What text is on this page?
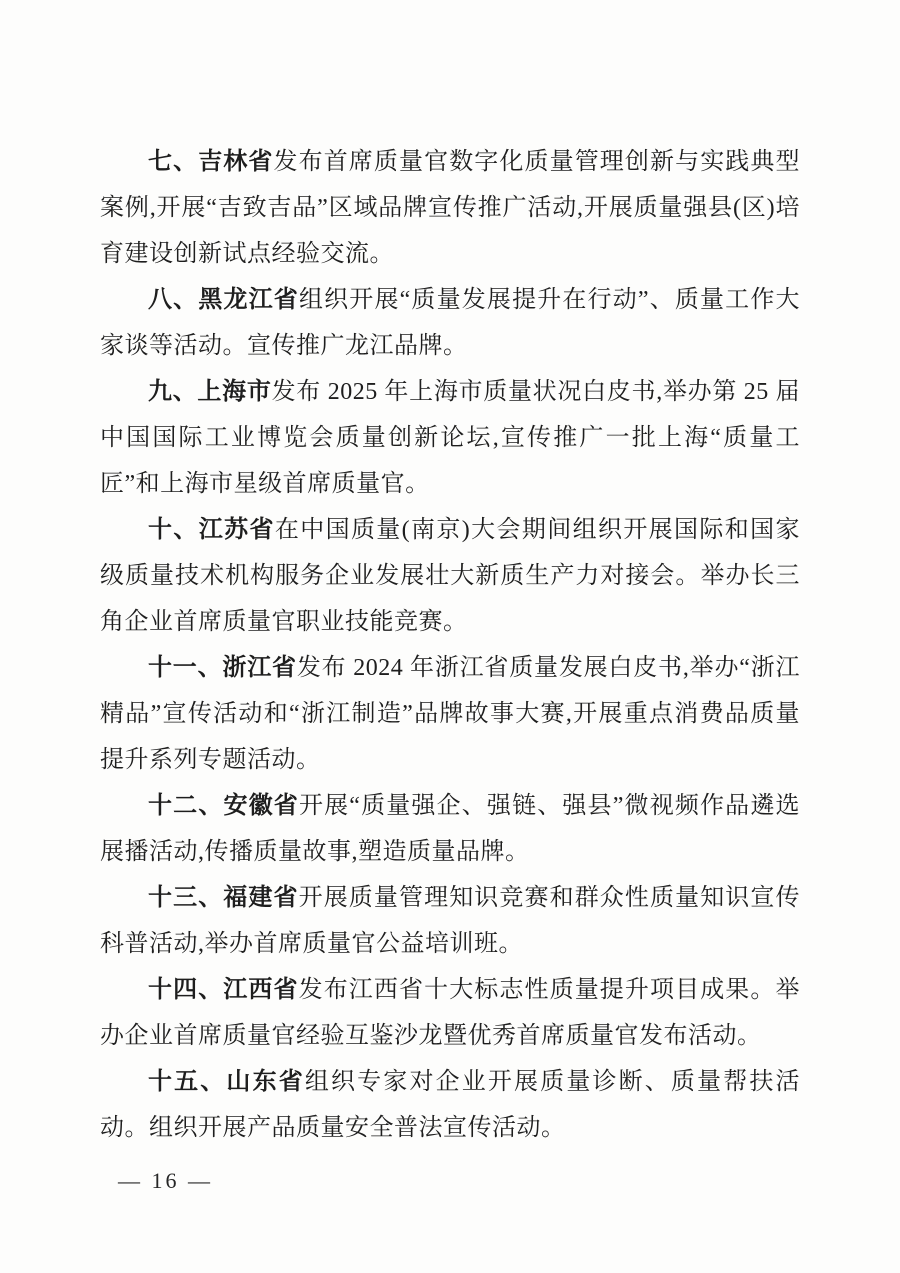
七、吉林省发布首席质量官数字化质量管理创新与实践典型案例,开展“吉致吉品”区域品牌宣传推广活动,开展质量强县(区)培育建设创新试点经验交流。

八、黑龙江省组织开展“质量发展提升在行动”、质量工作大家谈等活动。宣传推广龙江品牌。

九、上海市发布 2025 年上海市质量状况白皮书,举办第 25 届中国国际工业博览会质量创新论坛,宣传推广一批上海“质量工匠”和上海市星级首席质量官。

十、江苏省在中国质量(南京)大会期间组织开展国际和国家级质量技术机构服务企业发展壮大新质生产力对接会。举办长三角企业首席质量官职业技能竞赛。

十一、浙江省发布 2024 年浙江省质量发展白皮书,举办“浙江精品”宣传活动和“浙江制造”品牌故事大赛,开展重点消费品质量提升系列专题活动。

十二、安徽省开展“质量强企、强链、强县”微视频作品遴选展播活动,传播质量故事,塑造质量品牌。

十三、福建省开展质量管理知识竞赛和群众性质量知识宣传科普活动,举办首席质量官公益培训班。

十四、江西省发布江西省十大标志性质量提升项目成果。举办企业首席质量官经验互鉴沙龙暨优秀首席质量官发布活动。

十五、山东省组织专家对企业开展质量诊断、质量帮扶活动。组织开展产品质量安全普法宣传活动。

— 16 —
